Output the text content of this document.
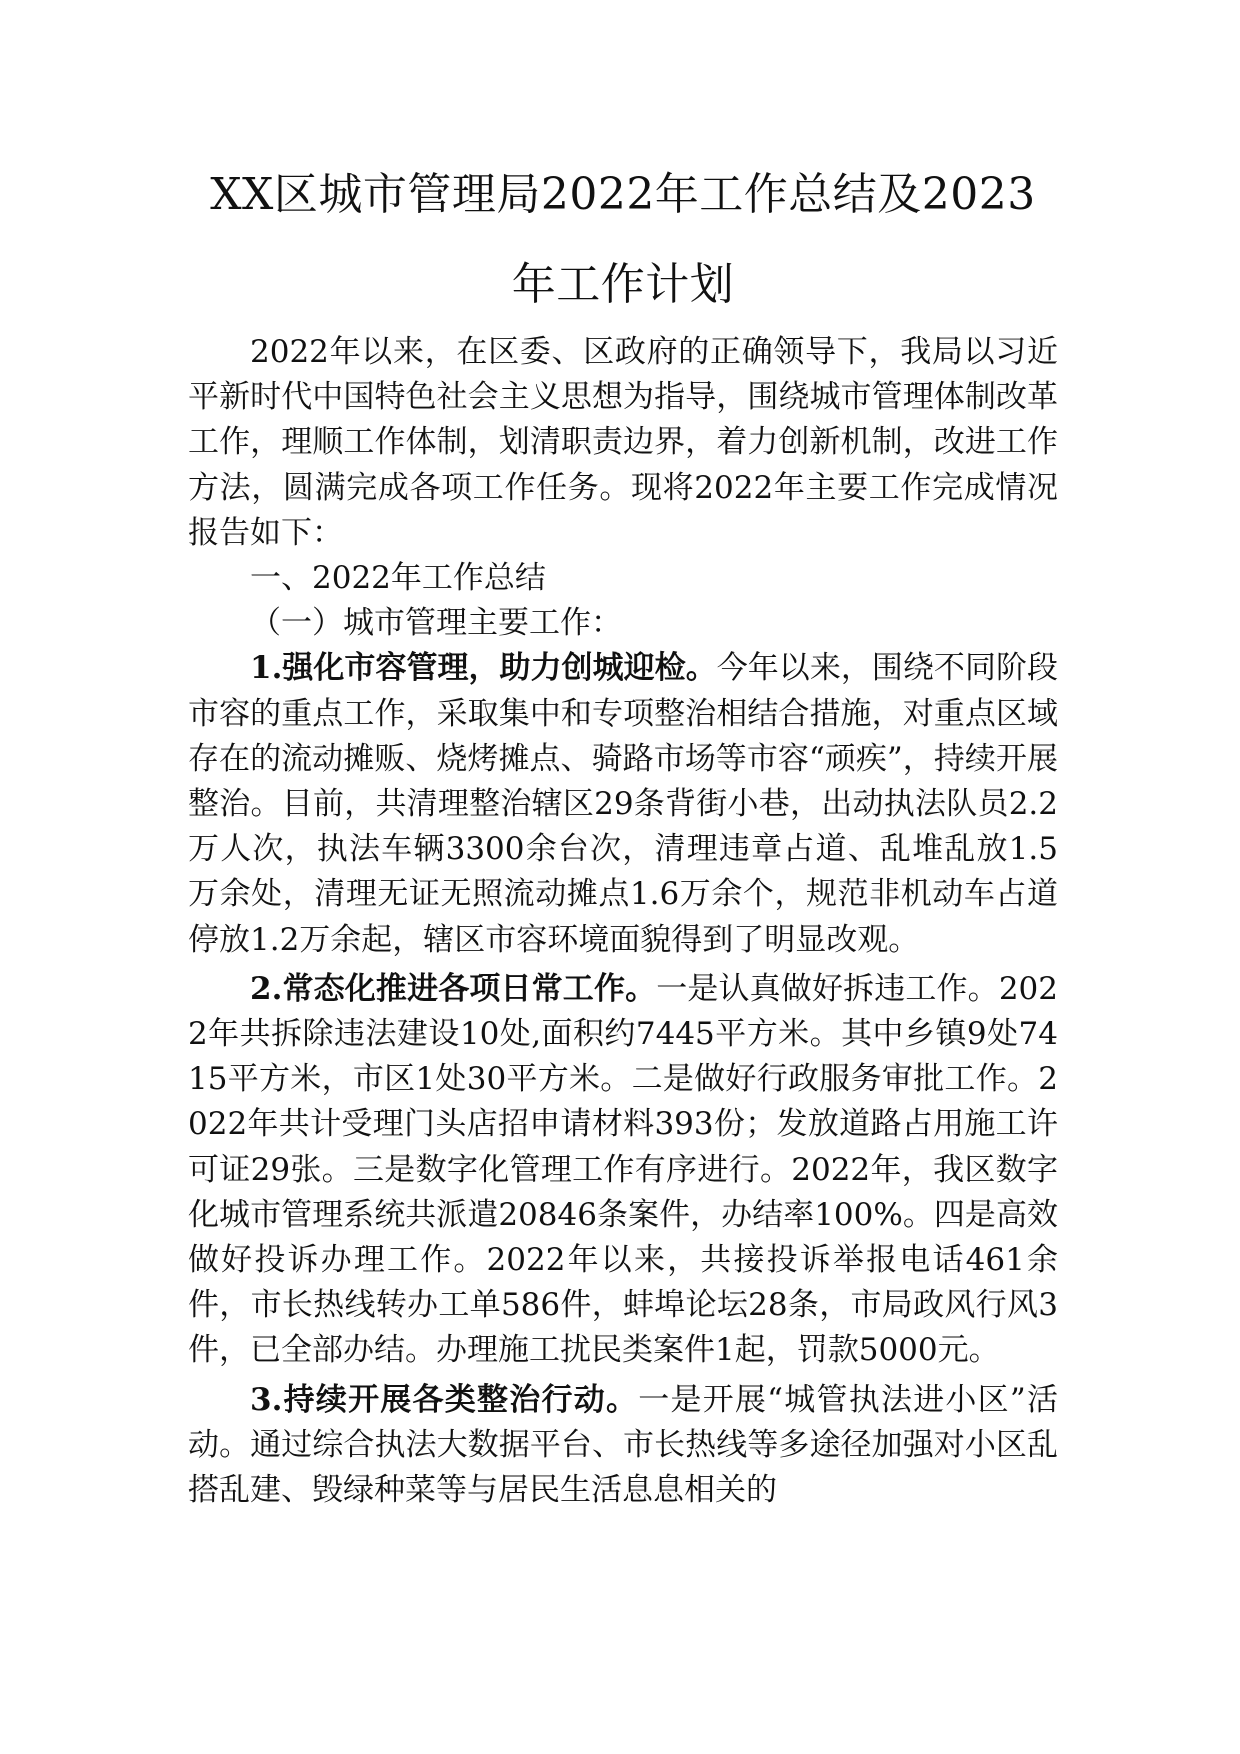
XX区城市管理局2022年工作总结及2023
年工作计划

2022年以来，在区委、区政府的正确领导下，我局以习近平新时代中国特色社会主义思想为指导，围绕城市管理体制改革工作，理顺工作体制，划清职责边界，着力创新机制，改进工作方法，圆满完成各项工作任务。现将2022年主要工作完成情况报告如下：

一、2022年工作总结

（一）城市管理主要工作：

1.强化市容管理，助力创城迎检。今年以来，围绕不同阶段市容的重点工作，采取集中和专项整治相结合措施，对重点区域存在的流动摊贩、烧烤摊点、骑路市场等市容“顽疾”，持续开展整治。目前，共清理整治辖区29条背街小巷，出动执法队员2.2万人次，执法车辆3300余台次，清理违章占道、乱堆乱放1.5万余处，清理无证无照流动摊点1.6万余个，规范非机动车占道停放1.2万余起，辖区市容环境面貌得到了明显改观。

2.常态化推进各项日常工作。一是认真做好拆违工作。2022年共拆除违法建设10处,面积约7445平方米。其中乡镇9处7415平方米，市区1处30平方米。二是做好行政服务审批工作。2022年共计受理门头店招申请材料393份；发放道路占用施工许可证29张。三是数字化管理工作有序进行。2022年，我区数字化城市管理系统共派遣20846条案件，办结率100%。四是高效做好投诉办理工作。2022年以来，共接投诉举报电话461余件，市长热线转办工单586件，蚌埠论坛28条，市局政风行风3件，已全部办结。办理施工扰民类案件1起，罚款5000元。

3.持续开展各类整治行动。一是开展“城管执法进小区”活动。通过综合执法大数据平台、市长热线等多途径加强对小区乱搭乱建、毁绿种菜等与居民生活息息相关的
